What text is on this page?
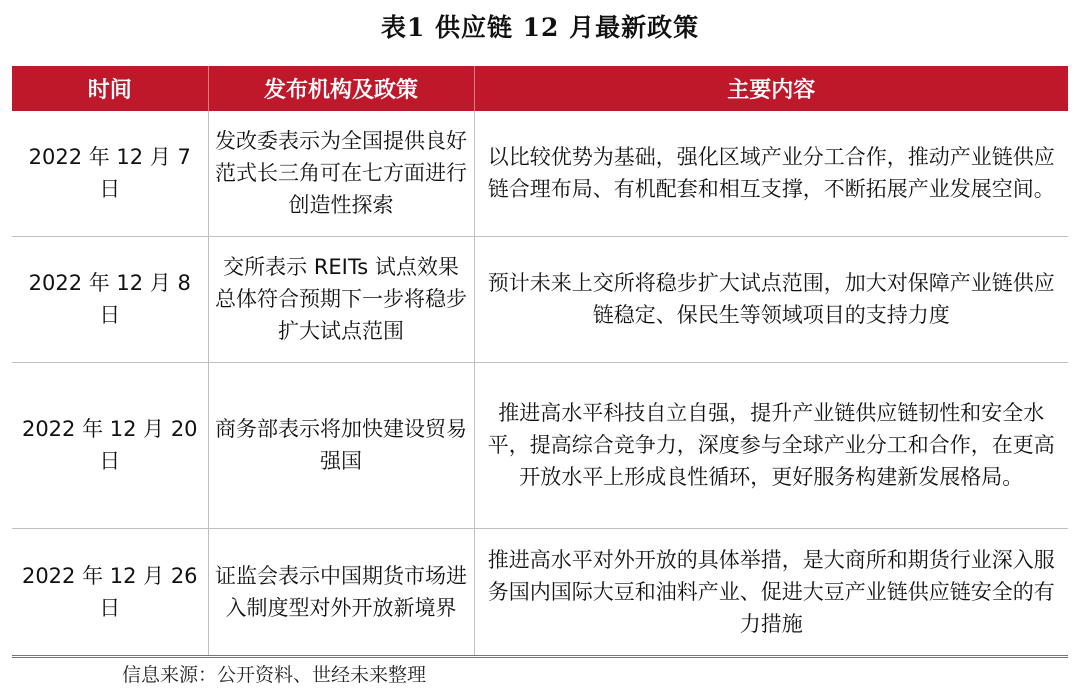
表1 供应链 12 月最新政策
时间	发布机构及政策	主要内容
2022 年 12 月 7 日	发改委表示为全国提供良好范式长三角可在七方面进行创造性探索	以比较优势为基础，强化区域产业分工合作，推动产业链供应链合理布局、有机配套和相互支撑，不断拓展产业发展空间。
2022 年 12 月 8 日	交所表示 REITs 试点效果总体符合预期下一步将稳步扩大试点范围	预计未来上交所将稳步扩大试点范围，加大对保障产业链供应链稳定、保民生等领域项目的支持力度
2022 年 12 月 20 日	商务部表示将加快建设贸易强国	推进高水平科技自立自强，提升产业链供应链韧性和安全水平，提高综合竞争力，深度参与全球产业分工和合作，在更高开放水平上形成良性循环，更好服务构建新发展格局。
2022 年 12 月 26 日	证监会表示中国期货市场进入制度型对外开放新境界	推进高水平对外开放的具体举措，是大商所和期货行业深入服务国内国际大豆和油料产业、促进大豆产业链供应链安全的有力措施
信息来源：公开资料、世经未来整理
